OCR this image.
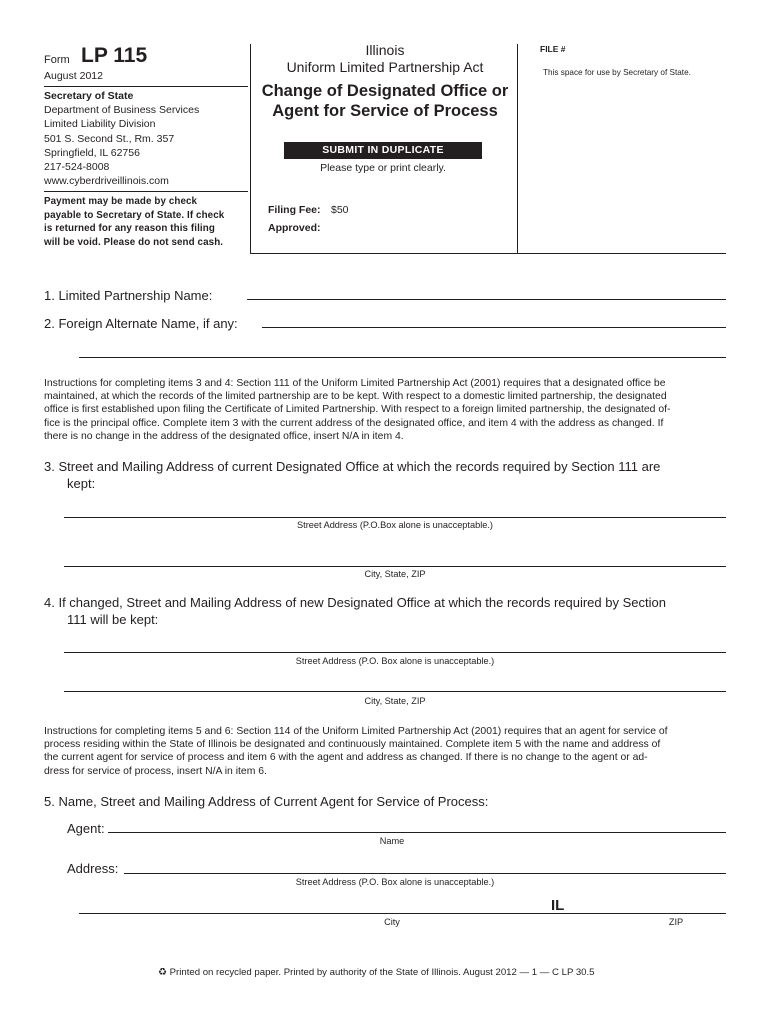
Form LP 115
August 2012
Secretary of State
Department of Business Services
Limited Liability Division
501 S. Second St., Rm. 357
Springfield, IL 62756
217-524-8008
www.cyberdriveillinois.com
Payment may be made by check
payable to Secretary of State. If check
is returned for any reason this filing
will be void. Please do not send cash.
Illinois
Uniform Limited Partnership Act
Change of Designated Office or
Agent for Service of Process
SUBMIT IN DUPLICATE
Please type or print clearly.
Filing Fee: $50
Approved:
FILE #
This space for use by Secretary of State.
1. Limited Partnership Name:
2. Foreign Alternate Name, if any:
Instructions for completing items 3 and 4: Section 111 of the Uniform Limited Partnership Act (2001) requires that a designated office be
maintained, at which the records of the limited partnership are to be kept. With respect to a domestic limited partnership, the designated
office is first established upon filing the Certificate of Limited Partnership. With respect to a foreign limited partnership, the designated of-
fice is the principal office. Complete item 3 with the current address of the designated office, and item 4 with the address as changed. If
there is no change in the address of the designated office, insert N/A in item 4.
3. Street and Mailing Address of current Designated Office at which the records required by Section 111 are
kept:
Street Address (P.O.Box alone is unacceptable.)
City, State, ZIP
4. If changed, Street and Mailing Address of new Designated Office at which the records required by Section
111 will be kept:
Street Address (P.O. Box alone is unacceptable.)
City, State, ZIP
Instructions for completing items 5 and 6: Section 114 of the Uniform Limited Partnership Act (2001) requires that an agent for service of
process residing within the State of Illinois be designated and continuously maintained. Complete item 5 with the name and address of
the current agent for service of process and item 6 with the agent and address as changed. If there is no change to the agent or ad-
dress for service of process, insert N/A in item 6.
5. Name, Street and Mailing Address of Current Agent for Service of Process:
Agent:
Name
Address:
Street Address (P.O. Box alone is unacceptable.)
IL
City	ZIP
♻ Printed on recycled paper. Printed by authority of the State of Illinois. August 2012 — 1 — C LP 30.5
